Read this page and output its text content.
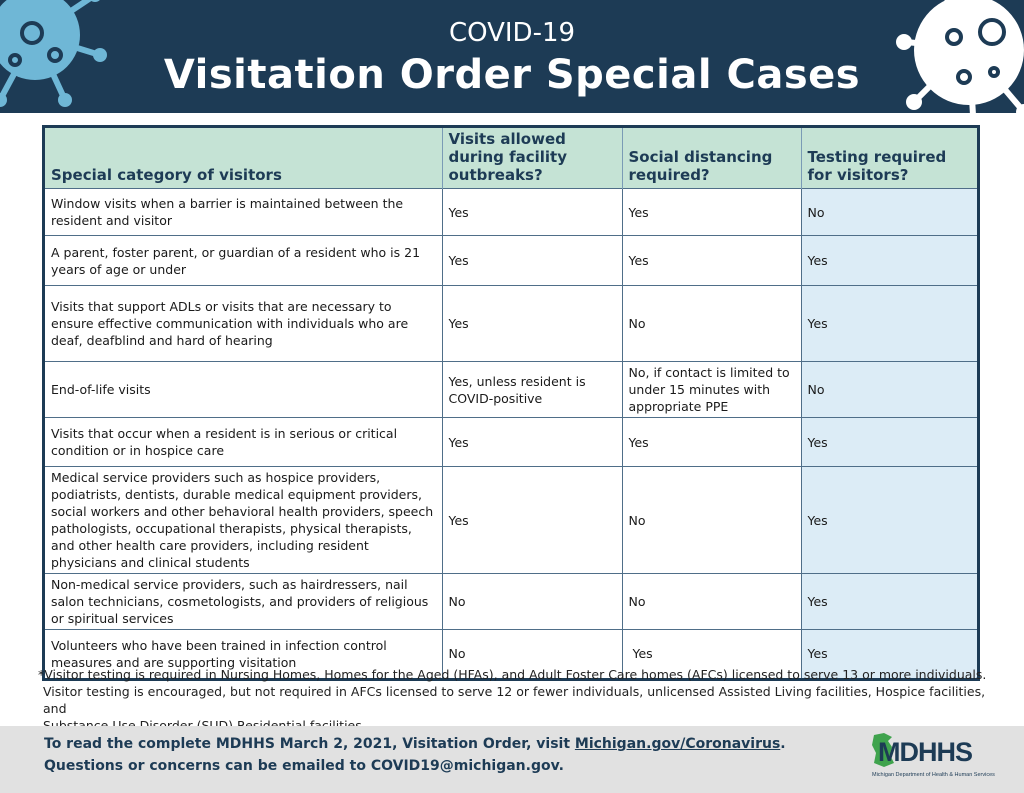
COVID-19
Visitation Order Special Cases
Special category of visitors	Visits allowed during facility outbreaks?	Social distancing required?	Testing required for visitors?
Window visits when a barrier is maintained between the resident and visitor	Yes	Yes	No
A parent, foster parent, or guardian of a resident who is 21 years of age or under	Yes	Yes	Yes
Visits that support ADLs or visits that are necessary to ensure effective communication with individuals who are deaf, deafblind and hard of hearing	Yes	No	Yes
End-of-life visits	Yes, unless resident is COVID-positive	No, if contact is limited to under 15 minutes with appropriate PPE	No
Visits that occur when a resident is in serious or critical condition or in hospice care	Yes	Yes	Yes
Medical service providers such as hospice providers, podiatrists, dentists, durable medical equipment providers, social workers and other behavioral health providers, speech pathologists, occupational therapists, physical therapists, and other health care providers, including resident physicians and clinical students	Yes	No	Yes
Non-medical service providers, such as hairdressers, nail salon technicians, cosmetologists, and providers of religious or spiritual services	No	No	Yes
Volunteers who have been trained in infection control measures and are supporting visitation	No	Yes	Yes
*Visitor testing is required in Nursing Homes, Homes for the Aged (HFAs), and Adult Foster Care homes (AFCs) licensed to serve 13 or more individuals.
Visitor testing is encouraged, but not required in AFCs licensed to serve 12 or fewer individuals, unlicensed Assisted Living facilities, Hospice facilities, and
To read the complete MDHHS March 2, 2021, Visitation Order, visit Michigan.gov/Coronavirus.
Questions or concerns can be emailed to COVID19@michigan.gov.	MDHHS
Michigan Department of Health & Human Services
